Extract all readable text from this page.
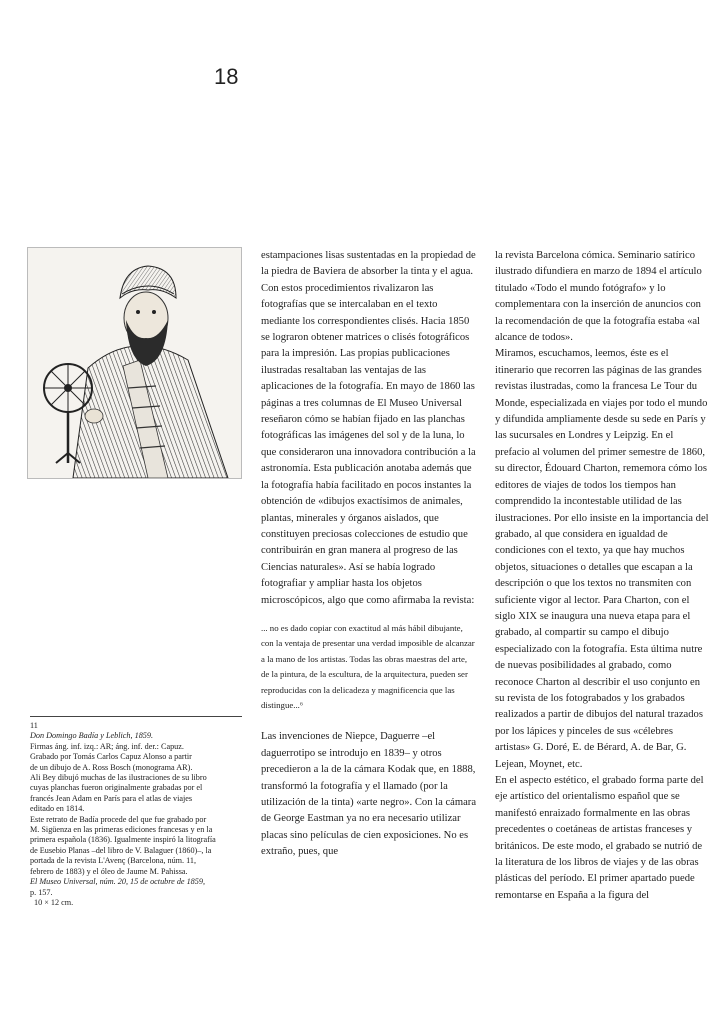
18

11

Don Domingo Badía y Leblich, 1859.

Firmas áng. inf. izq.: AR; áng. inf. der.: Capuz.

Grabado por Tomás Carlos Capuz Alonso a partir

de un dibujo de A. Ross Bosch (monograma AR).

Ali Bey dibujó muchas de las ilustraciones de su libro

cuyas planchas fueron originalmente grabadas por el

francés Jean Adam en París para el atlas de viajes

editado en 1814.

Este retrato de Badía procede del que fue grabado por

M. Sigüenza en las primeras ediciones francesas y en la

primera española (1836). Igualmente inspiró la litografía

de Eusebio Planas –del libro de V. Balaguer (1860)–, la

portada de la revista L'Avenç (Barcelona, núm. 11,

febrero de 1883) y el óleo de Jaume M. Pahissa.

El Museo Universal, núm. 20, 15 de octubre de 1859,

p. 157.

10 × 12 cm.

estampaciones lisas sustentadas en la propiedad de la piedra de Baviera de absorber la tinta y el agua.

Con estos procedimientos rivalizaron las fotografías que se intercalaban en el texto mediante los correspondientes clisés. Hacia 1850 se lograron obtener matrices o clisés fotográficos para la impresión. Las propias publicaciones ilustradas resaltaban las ventajas de las aplicaciones de la fotografía. En mayo de 1860 las páginas a tres columnas de El Museo Universal reseñaron cómo se habían fijado en las planchas fotográficas las imágenes del sol y de la luna, lo que consideraron una innovadora contribución a la astronomía. Esta publicación anotaba además que la fotografía había facilitado en pocos instantes la obtención de «dibujos exactísimos de animales, plantas, minerales y órganos aislados, que constituyen preciosas colecciones de estudio que contribuirán en gran manera al progreso de las Ciencias naturales». Así se había logrado fotografiar y ampliar hasta los objetos microscópicos, algo que como afirmaba la revista:

... no es dado copiar con exactitud al más hábil dibujante, con la ventaja de presentar una verdad imposible de alcanzar a la mano de los artistas. Todas las obras maestras del arte, de la pintura, de la escultura, de la arquitectura, pueden ser reproducidas con la delicadeza y magnificencia que las distingue...⁶

Las invenciones de Niepce, Daguerre –el daguerrotipo se introdujo en 1839– y otros precedieron a la de la cámara Kodak que, en 1888, transformó la fotografía y el llamado (por la utilización de la tinta) «arte negro». Con la cámara de George Eastman ya no era necesario utilizar placas sino películas de cien exposiciones. No es extraño, pues, que

la revista Barcelona cómica. Seminario satírico ilustrado difundiera en marzo de 1894 el artículo titulado «Todo el mundo fotógrafo» y lo complementara con la inserción de anuncios con la recomendación de que la fotografía estaba «al alcance de todos».

Miramos, escuchamos, leemos, éste es el itinerario que recorren las páginas de las grandes revistas ilustradas, como la francesa Le Tour du Monde, especializada en viajes por todo el mundo y difundida ampliamente desde su sede en París y las sucursales en Londres y Leipzig. En el prefacio al volumen del primer semestre de 1860, su director, Édouard Charton, rememora cómo los editores de viajes de todos los tiempos han comprendido la incontestable utilidad de las ilustraciones. Por ello insiste en la importancia del grabado, al que considera en igualdad de condiciones con el texto, ya que hay muchos objetos, situaciones o detalles que escapan a la descripción o que los textos no transmiten con suficiente vigor al lector. Para Charton, con el siglo XIX se inaugura una nueva etapa para el grabado, al compartir su campo el dibujo especializado con la fotografía. Esta última nutre de nuevas posibilidades al grabado, como reconoce Charton al describir el uso conjunto en su revista de los fotograbados y los grabados realizados a partir de dibujos del natural trazados por los lápices y pinceles de sus «célebres artistas» G. Doré, E. de Bérard, A. de Bar, G. Lejean, Moynet, etc.

En el aspecto estético, el grabado forma parte del eje artístico del orientalismo español que se manifestó enraizado formalmente en las obras precedentes o coetáneas de artistas franceses y británicos. De este modo, el grabado se nutrió de la literatura de los libros de viajes y de las obras plásticas del período. El primer apartado puede remontarse en España a la figura del
